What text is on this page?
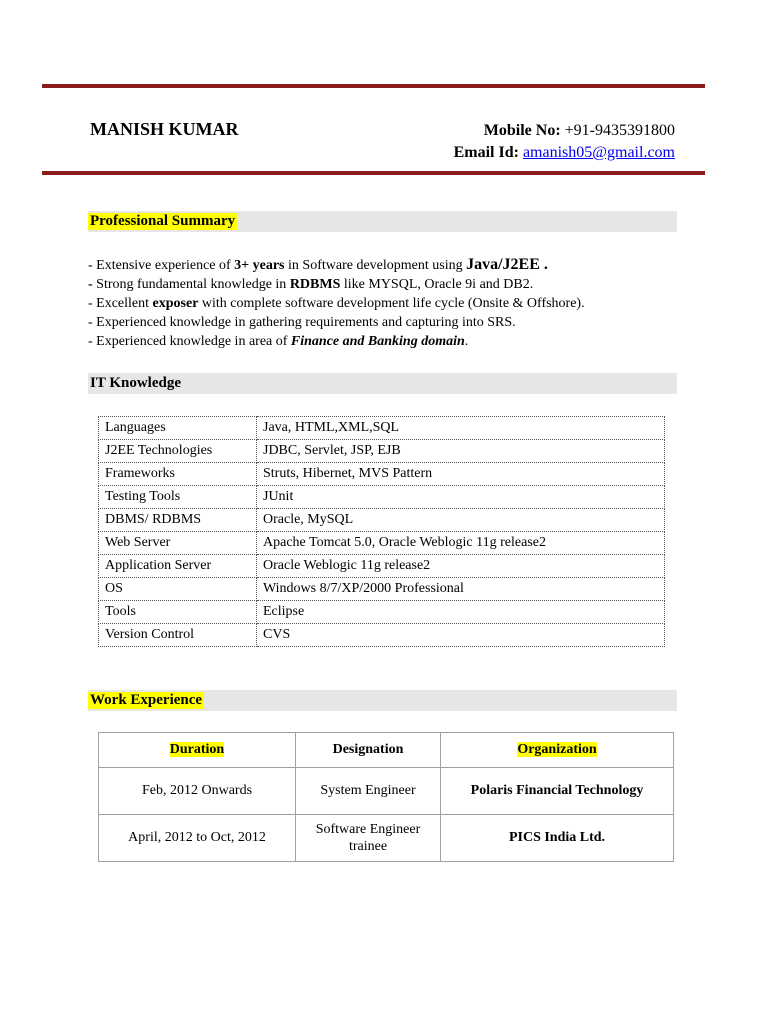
MANISH KUMAR	Mobile No: +91-9435391800
Email Id: amanish05@gmail.com
Professional Summary
- Extensive experience of 3+ years in Software development using Java/J2EE .
- Strong fundamental knowledge in RDBMS like MYSQL, Oracle 9i and DB2.
- Excellent exposer with complete software development life cycle (Onsite & Offshore).
- Experienced knowledge in gathering requirements and capturing into SRS.
- Experienced knowledge in area of Finance and Banking domain.
IT Knowledge
Languages	Java, HTML,XML,SQL
J2EE Technologies	JDBC, Servlet, JSP, EJB
Frameworks	Struts, Hibernet, MVS Pattern
Testing Tools	JUnit
DBMS/ RDBMS	Oracle, MySQL
Web Server	Apache Tomcat 5.0, Oracle Weblogic 11g release2
Application Server	Oracle Weblogic 11g release2
OS	Windows 8/7/XP/2000 Professional
Tools	Eclipse
Version Control	CVS
Work Experience
Duration	Designation	Organization
Feb, 2012 Onwards	System Engineer	Polaris Financial Technology
April, 2012 to Oct, 2012	Software Engineer trainee	PICS India Ltd.
